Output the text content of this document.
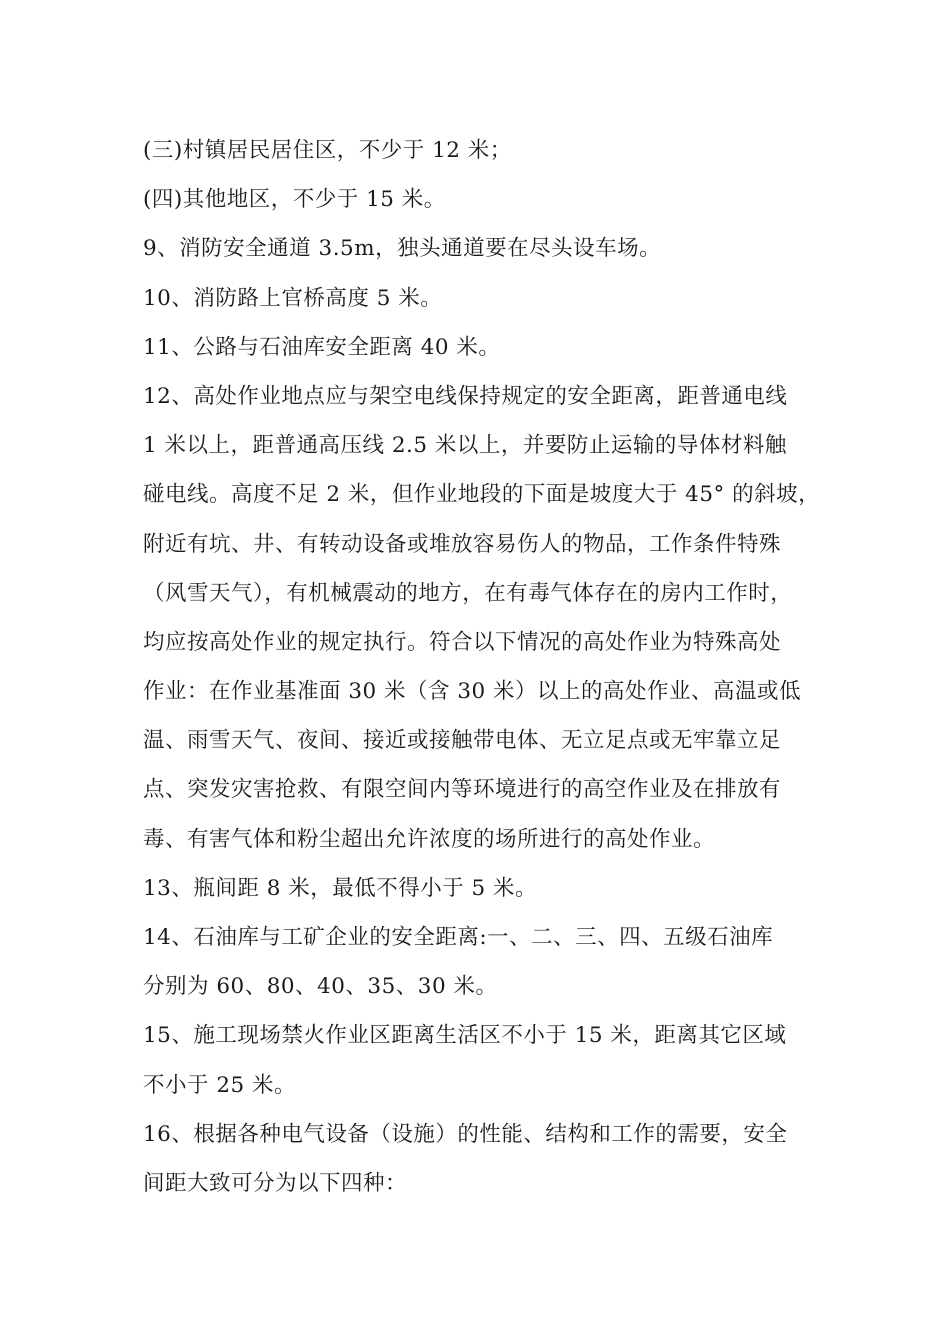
(三)村镇居民居住区，不少于 12 米；
(四)其他地区，不少于 15 米。
9、消防安全通道 3.5m，独头通道要在尽头设车场。
10、消防路上官桥高度 5 米。
11、公路与石油库安全距离 40 米。
12、高处作业地点应与架空电线保持规定的安全距离，距普通电线
1 米以上，距普通高压线 2.5 米以上，并要防止运输的导体材料触
碰电线。高度不足 2 米，但作业地段的下面是坡度大于 45° 的斜坡，
附近有坑、井、有转动设备或堆放容易伤人的物品，工作条件特殊
（风雪天气），有机械震动的地方，在有毒气体存在的房内工作时，
均应按高处作业的规定执行。符合以下情况的高处作业为特殊高处
作业：在作业基准面 30 米（含 30 米）以上的高处作业、高温或低
温、雨雪天气、夜间、接近或接触带电体、无立足点或无牢靠立足
点、突发灾害抢救、有限空间内等环境进行的高空作业及在排放有
毒、有害气体和粉尘超出允许浓度的场所进行的高处作业。
13、瓶间距 8 米，最低不得小于 5 米。
14、石油库与工矿企业的安全距离:一、二、三、四、五级石油库
分别为 60、80、40、35、30 米。
15、施工现场禁火作业区距离生活区不小于 15 米，距离其它区域
不小于 25 米。
16、根据各种电气设备（设施）的性能、结构和工作的需要，安全
间距大致可分为以下四种：
